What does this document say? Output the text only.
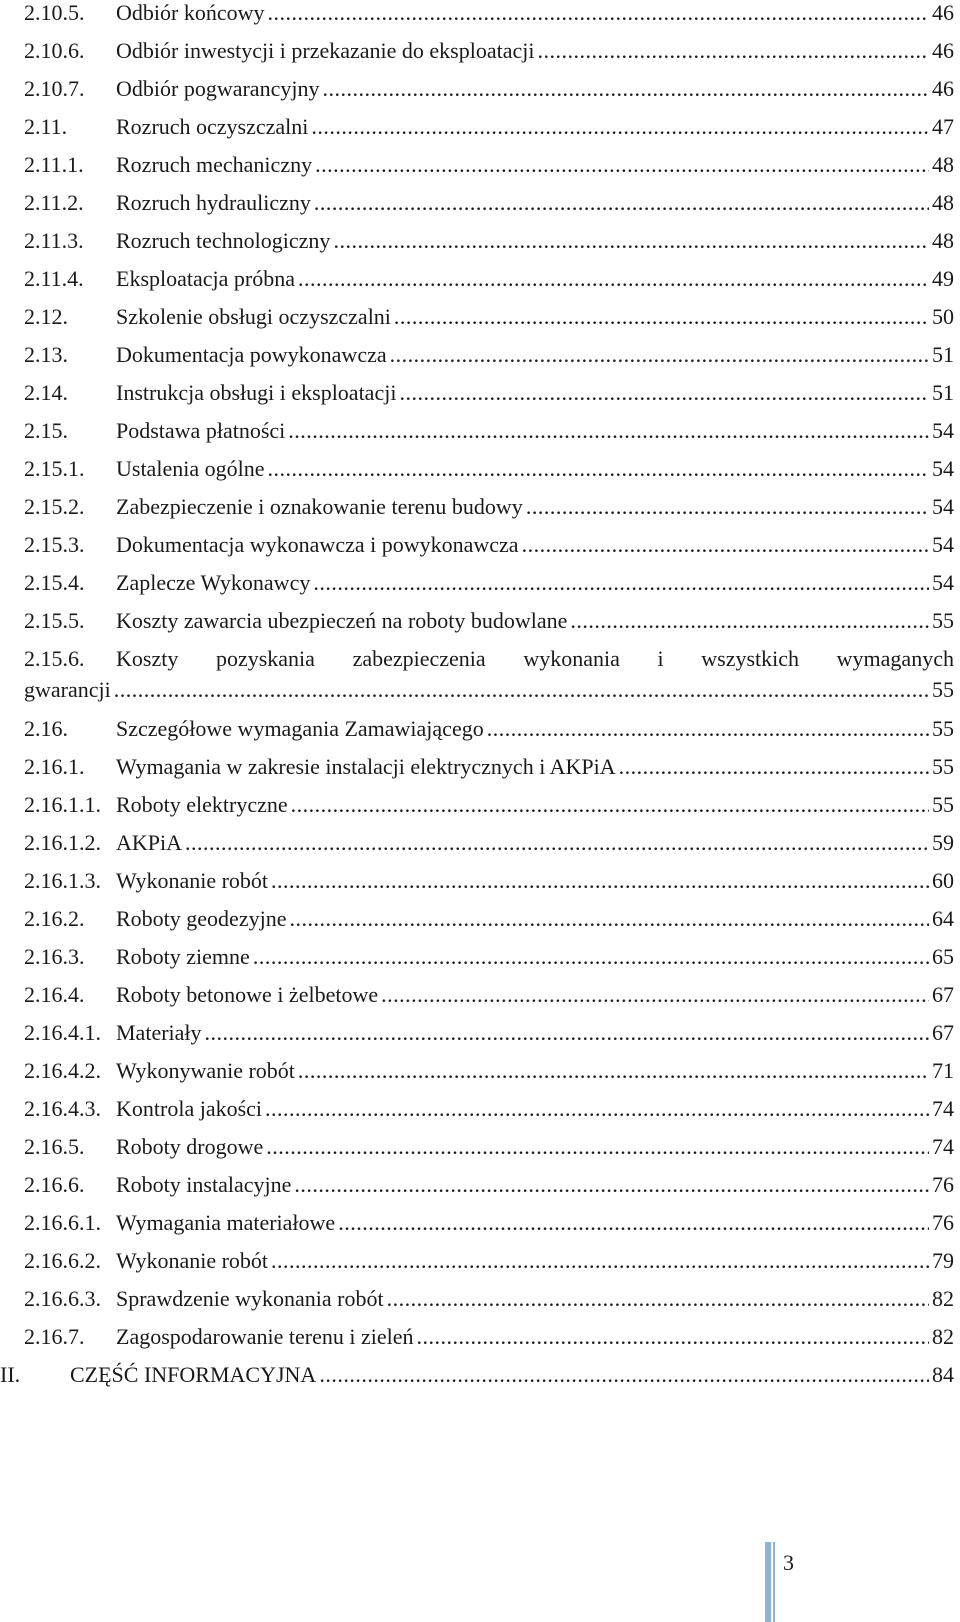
2.10.5.	Odbiór końcowy .....	46
2.10.6.	Odbiór inwestycji i przekazanie do eksploatacji .....	46
2.10.7.	Odbiór pogwarancyjny .....	46
2.11.	Rozruch oczyszczalni .....	47
2.11.1.	Rozruch mechaniczny .....	48
2.11.2.	Rozruch hydrauliczny .....	48
2.11.3.	Rozruch technologiczny .....	48
2.11.4.	Eksploatacja próbna .....	49
2.12.	Szkolenie obsługi oczyszczalni .....	50
2.13.	Dokumentacja powykonawcza .....	51
2.14.	Instrukcja obsługi i eksploatacji .....	51
2.15.	Podstawa płatności .....	54
2.15.1.	Ustalenia ogólne .....	54
2.15.2.	Zabezpieczenie i oznakowanie terenu budowy .....	54
2.15.3.	Dokumentacja wykonawcza i powykonawcza .....	54
2.15.4.	Zaplecze Wykonawcy .....	54
2.15.5.	Koszty zawarcia ubezpieczeń na roboty budowlane .....	55
2.15.6.	Koszty pozyskania zabezpieczenia wykonania i wszystkich wymaganych
gwarancji .....	55
2.16.	Szczegółowe wymagania Zamawiającego .....	55
2.16.1.	Wymagania w zakresie instalacji elektrycznych i AKPiA .....	55
2.16.1.1. Roboty elektryczne .....	55
2.16.1.2. AKPiA .....	59
2.16.1.3. Wykonanie robót .....	60
2.16.2.	Roboty geodezyjne .....	64
2.16.3.	Roboty ziemne .....	65
2.16.4.	Roboty betonowe i żelbetowe .....	67
2.16.4.1. Materiały .....	67
2.16.4.2. Wykonywanie robót .....	71
2.16.4.3. Kontrola jakości .....	74
2.16.5.	Roboty drogowe .....	74
2.16.6.	Roboty instalacyjne .....	76
2.16.6.1. Wymagania materiałowe .....	76
2.16.6.2. Wykonanie robót .....	79
2.16.6.3. Sprawdzenie wykonania robót .....	82
2.16.7.	Zagospodarowanie terenu i zieleń .....	82
II.	CZĘŚĆ INFORMACYJNA .....	84
3
